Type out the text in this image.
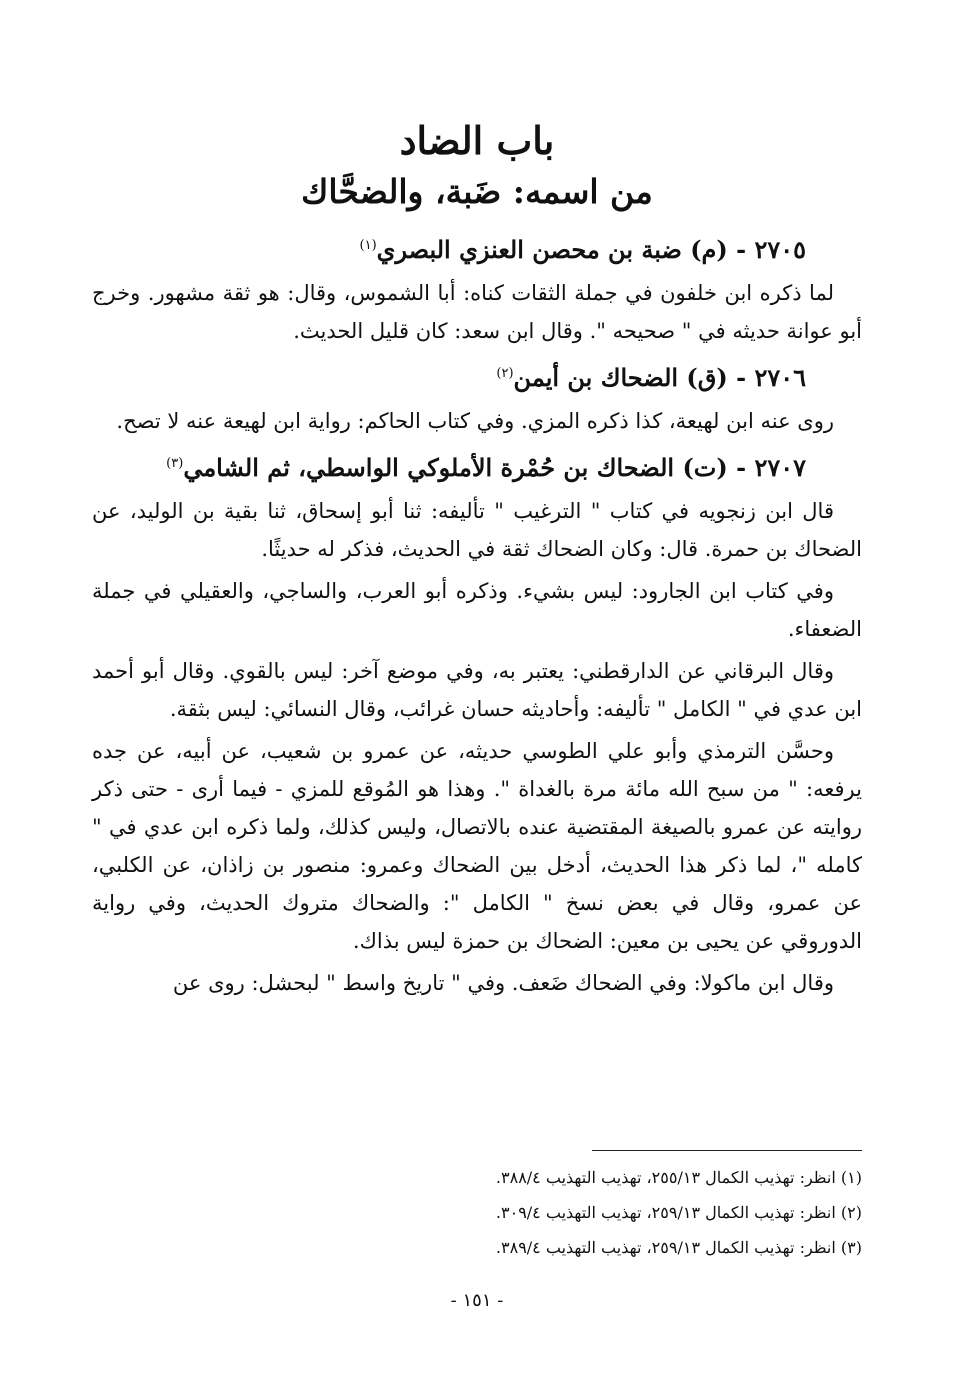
باب الضاد
من اسمه: ضَبة، والضحَّاك
٢٧٠٥ - (م) ضبة بن محصن العنزي البصري$^{(١)}$

لما ذكره ابن خلفون في جملة الثقات كناه: أبا الشموس، وقال: هو ثقة مشهور. وخرج أبو عوانة حديثه في " صحيحه ". وقال ابن سعد: كان قليل الحديث.

٢٧٠٦ - (ق) الضحاك بن أيمن$^{(٢)}$

روى عنه ابن لهيعة، كذا ذكره المزي. وفي كتاب الحاكم: رواية ابن لهيعة عنه لا تصح.

٢٧٠٧ - (ت) الضحاك بن حُمْرة الأملوكي الواسطي، ثم الشامي$^{(٣)}$

قال ابن زنجويه في كتاب " الترغيب " تأليفه: ثنا أبو إسحاق، ثنا بقية بن الوليد، عن الضحاك بن حمرة. قال: وكان الضحاك ثقة في الحديث، فذكر له حديثًا.

وفي كتاب ابن الجارود: ليس بشيء. وذكره أبو العرب، والساجي، والعقيلي في جملة الضعفاء.

وقال البرقاني عن الدارقطني: يعتبر به، وفي موضع آخر: ليس بالقوي. وقال أبو أحمد ابن عدي في " الكامل " تأليفه: وأحاديثه حسان غرائب، وقال النسائي: ليس بثقة.

وحسَّن الترمذي وأبو علي الطوسي حديثه، عن عمرو بن شعيب، عن أبيه، عن جده يرفعه: " من سبح الله مائة مرة بالغداة ". وهذا هو المُوقع للمزي - فيما أرى - حتى ذكر روايته عن عمرو بالصيغة المقتضية عنده بالاتصال، وليس كذلك، ولما ذكره ابن عدي في " كامله "، لما ذكر هذا الحديث، أدخل بين الضحاك وعمرو: منصور بن زاذان، عن الكلبي، عن عمرو، وقال في بعض نسخ " الكامل ": والضحاك متروك الحديث، وفي رواية الدوروقي عن يحيى بن معين: الضحاك بن حمزة ليس بذاك.

وقال ابن ماكولا: وفي الضحاك ضَعف. وفي " تاريخ واسط " لبحشل: روى عن

(١) انظر: تهذيب الكمال ٢٥٥/١٣، تهذيب التهذيب ٣٨٨/٤.

(٢) انظر: تهذيب الكمال ٢٥٩/١٣، تهذيب التهذيب ٣٠٩/٤.

(٣) انظر: تهذيب الكمال ٢٥٩/١٣، تهذيب التهذيب ٣٨٩/٤.

- ١٥١ -
